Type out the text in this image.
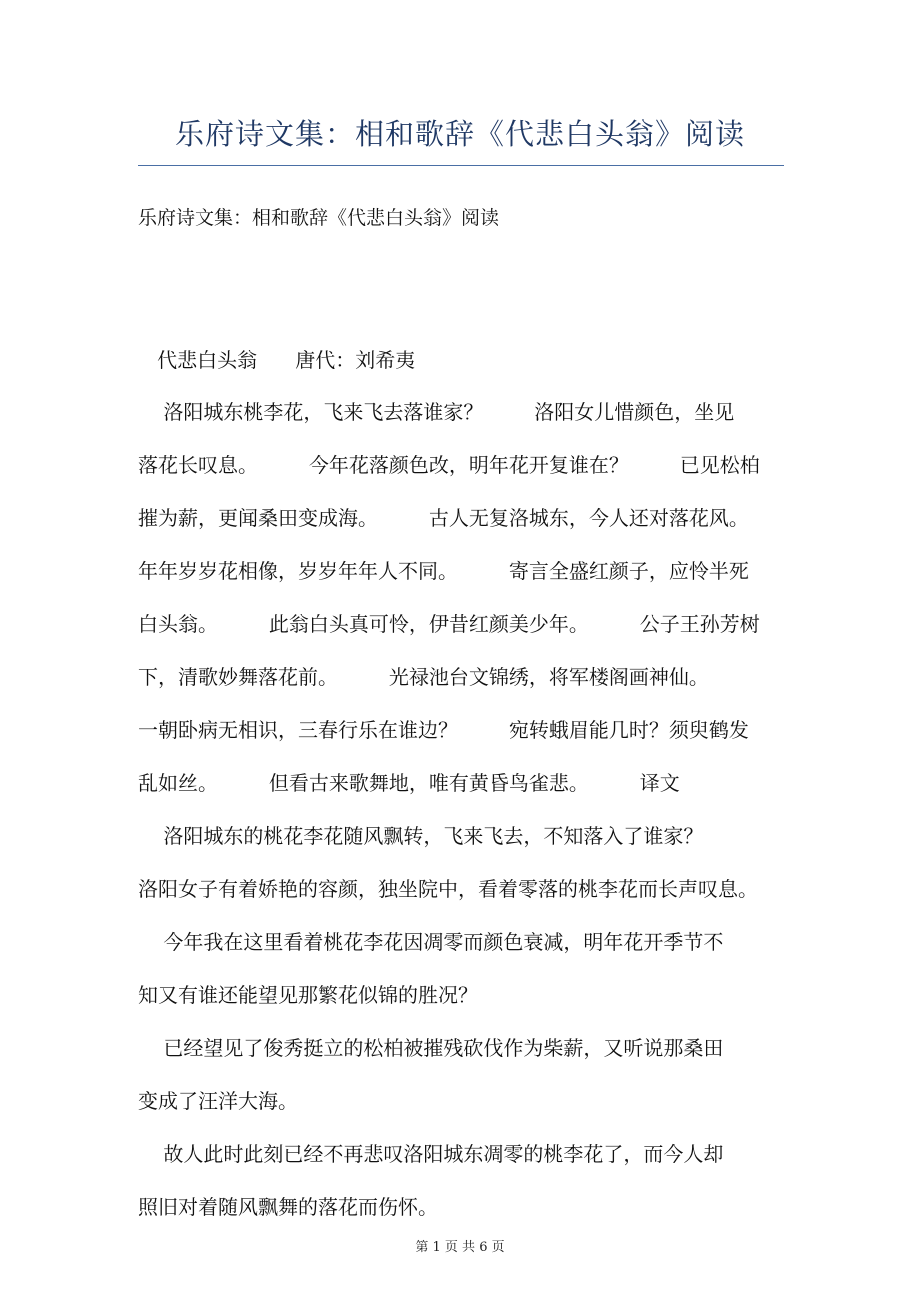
乐府诗文集：相和歌辞《代悲白头翁》阅读
乐府诗文集：相和歌辞《代悲白头翁》阅读
代悲白头翁      唐代：刘希夷
洛阳城东桃李花，飞来飞去落谁家？        洛阳女儿惜颜色，坐见
落花长叹息。        今年花落颜色改，明年花开复谁在？        已见松柏
摧为薪，更闻桑田变成海。        古人无复洛城东，今人还对落花风。
年年岁岁花相像，岁岁年年人不同。        寄言全盛红颜子，应怜半死
白头翁。        此翁白头真可怜，伊昔红颜美少年。        公子王孙芳树
下，清歌妙舞落花前。        光禄池台文锦绣，将军楼阁画神仙。
一朝卧病无相识，三春行乐在谁边？        宛转蛾眉能几时？须臾鹤发
乱如丝。        但看古来歌舞地，唯有黄昏鸟雀悲。        译文
洛阳城东的桃花李花随风飘转，飞来飞去，不知落入了谁家？
洛阳女子有着娇艳的容颜，独坐院中，看着零落的桃李花而长声叹息。
今年我在这里看着桃花李花因凋零而颜色衰减，明年花开季节不
知又有谁还能望见那繁花似锦的胜况？
已经望见了俊秀挺立的松柏被摧残砍伐作为柴薪，又听说那桑田
变成了汪洋大海。
故人此时此刻已经不再悲叹洛阳城东凋零的桃李花了，而今人却
照旧对着随风飘舞的落花而伤怀。
第 1 页 共 6 页
